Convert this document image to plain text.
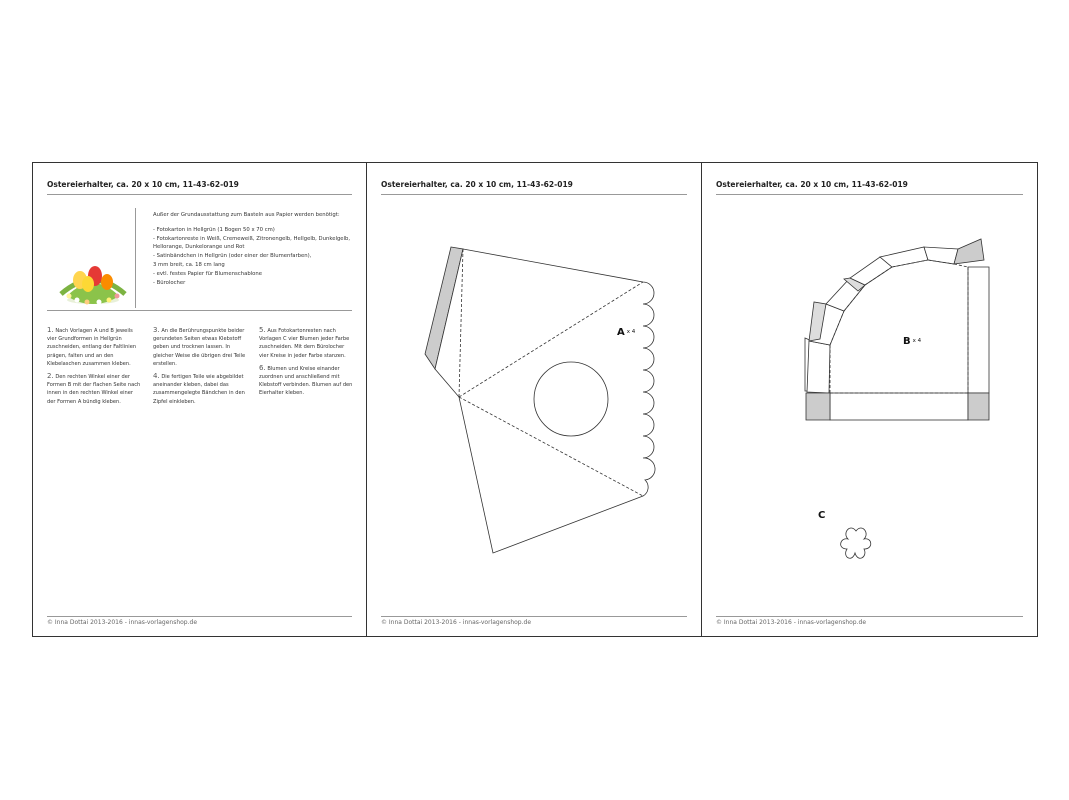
Ostereierhalter, ca. 20 x 10 cm, 11-43-62-019
Außer der Grundausstattung zum Basteln aus Papier werden benötigt:
- Fotokarton in Hellgrün (1 Bogen 50 x 70 cm)
- Fotokartonreste in Weiß, Cremeweiß, Zitronengelb, Hellgelb, Dunkelgelb,
Hellorange, Dunkelorange und Rot
- Satinbändchen in Hellgrün (oder einer der Blumenfarben),
3 mm breit, ca. 18 cm lang
- evtl. festes Papier für Blumenschablone
- Bürolocher
1. Nach Vorlagen A und B jeweils vier Grundformen in Hellgrün zuschneiden, entlang der Faltlinien prägen, falten und an den Klebelaschen zusammen kleben.
2. Den rechten Winkel einer der Formen B mit der flachen Seite nach innen in den rechten Winkel einer der Formen A bündig kleben.
3. An die Berührungspunkte beider gerundeten Seiten etwas Klebstoff geben und trocknen lassen. In gleicher Weise die übrigen drei Teile erstellen.
4. Die fertigen Teile wie abgebildet aneinander kleben, dabei das zusammengelegte Bändchen in den Zipfel einkleben.
5. Aus Fotokartonresten nach Vorlagen C vier Blumen jeder Farbe zuschneiden. Mit dem Bürolocher vier Kreise in jeder Farbe stanzen.
6. Blumen und Kreise einander zuordnen und anschließend mit Klebstoff verbinden. Blumen auf den Eierhalter kleben.
© Inna Dottai 2013-2016 - innas-vorlagenshop.de
Ostereierhalter, ca. 20 x 10 cm, 11-43-62-019
Ax 4
© Inna Dottai 2013-2016 - innas-vorlagenshop.de
Ostereierhalter, ca. 20 x 10 cm, 11-43-62-019
Bx 4
C
© Inna Dottai 2013-2016 - innas-vorlagenshop.de
